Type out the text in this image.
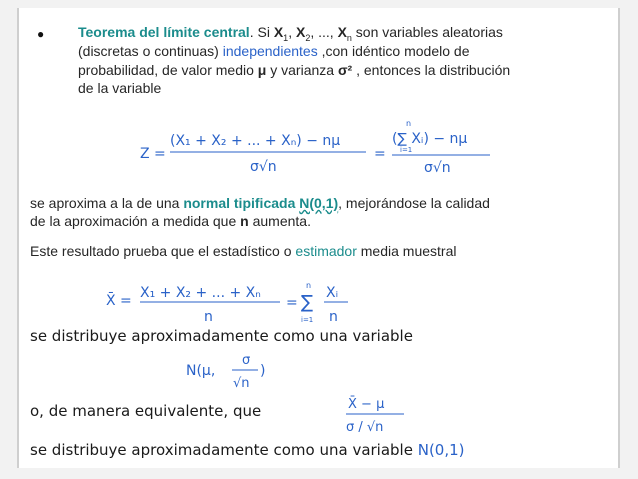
● Teorema del límite central. Si $X_1$, $X_2$, ..., $X_n$ son variables aleatorias
(discretas o continuas) independientes ,con idéntico modelo de
probabilidad, de valor medio μ y varianza σ² , entonces la distribución
de la variable
Z =
(X₁ + X₂ + ... + Xₙ) − nμ
σ√n
=
n
(∑ Xᵢ) − nμ
i=1
σ√n
se aproxima a la de una normal tipificada N(0,1), mejorándose la calidad
de la aproximación a medida que n aumenta.
Este resultado prueba que el estadístico o estimador media muestral
X̄ = X₁ + X₂ + ... + Xₙ
n
=
n
∑
i=1
Xᵢ
n
se distribuye aproximadamente como una variable
N(μ,
σ
√n
)
o, de manera equivalente, que	X̄ − μ
σ / √n
se distribuye aproximadamente como una variable N(0,1)
